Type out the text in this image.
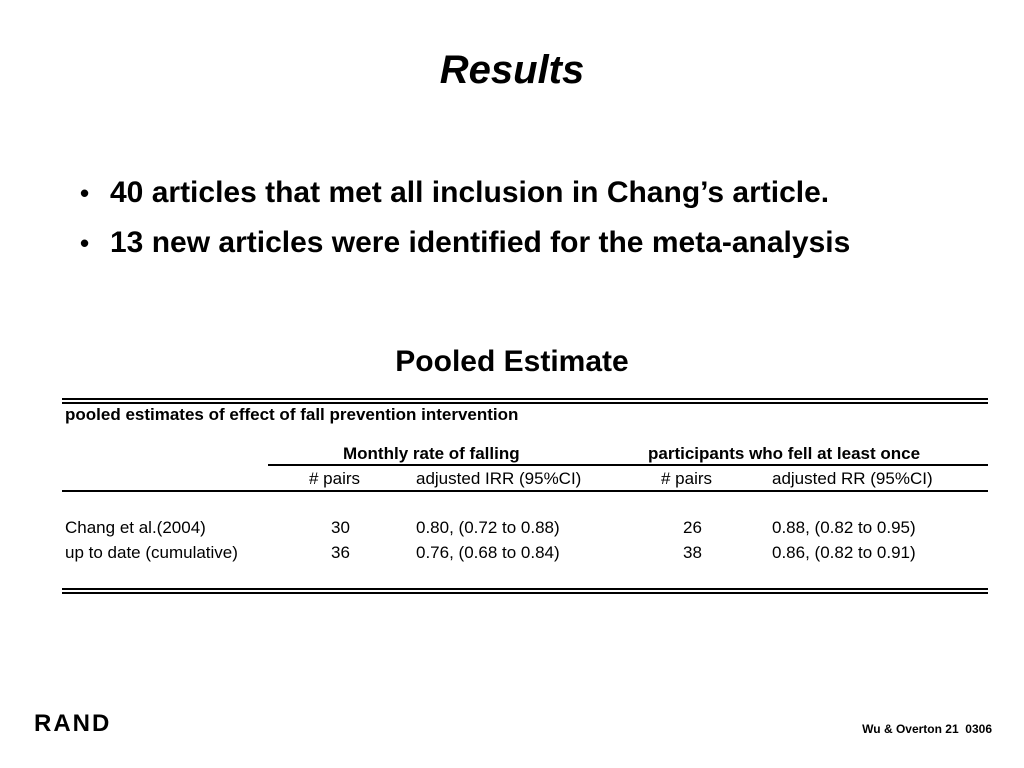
Results
• 40 articles that met all inclusion in Chang’s article.
• 13 new articles were identified for the meta-analysis
Pooled Estimate
pooled estimates of effect of fall prevention intervention
Monthly rate of falling	participants who fell at least once
# pairs	adjusted IRR (95%CI)	# pairs	adjusted RR (95%CI)
Chang et al.(2004)	30	0.80, (0.72 to 0.88)	26	0.88, (0.82 to 0.95)
up to date (cumulative)	36	0.76, (0.68 to 0.84)	38	0.86, (0.82 to 0.91)
RAND	Wu & Overton 21  0306
